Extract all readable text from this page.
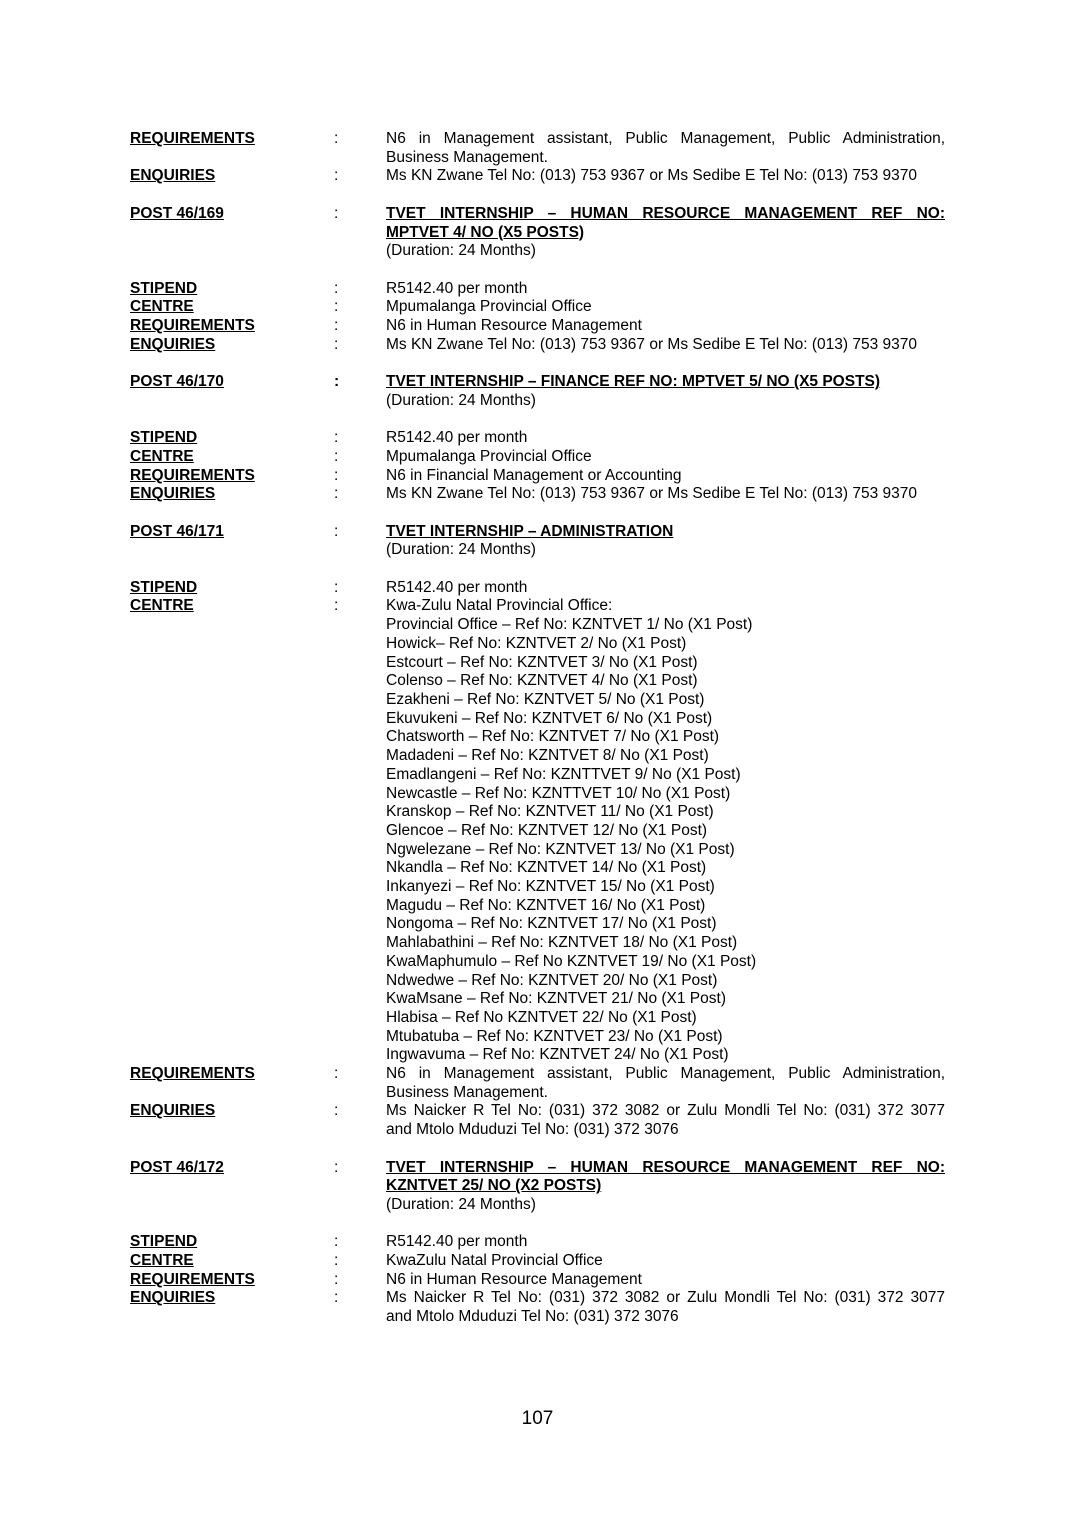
REQUIREMENTS	:	N6 in Management assistant, Public Management, Public Administration,
Business Management.
ENQUIRIES	:	Ms KN Zwane Tel No: (013) 753 9367 or Ms Sedibe E Tel No: (013) 753 9370
POST 46/169	:	TVET INTERNSHIP – HUMAN RESOURCE MANAGEMENT REF NO:
MPTVET 4/ NO (X5 POSTS)
(Duration: 24 Months)
STIPEND	:	R5142.40 per month
CENTRE	:	Mpumalanga Provincial Office
REQUIREMENTS	:	N6 in Human Resource Management
ENQUIRIES	:	Ms KN Zwane Tel No: (013) 753 9367 or Ms Sedibe E Tel No: (013) 753 9370
POST 46/170	:	TVET INTERNSHIP – FINANCE REF NO: MPTVET 5/ NO (X5 POSTS)
(Duration: 24 Months)
STIPEND	:	R5142.40 per month
CENTRE	:	Mpumalanga Provincial Office
REQUIREMENTS	:	N6 in Financial Management or Accounting
ENQUIRIES	:	Ms KN Zwane Tel No: (013) 753 9367 or Ms Sedibe E Tel No: (013) 753 9370
POST 46/171	:	TVET INTERNSHIP – ADMINISTRATION
(Duration: 24 Months)
STIPEND	:	R5142.40 per month
CENTRE	:	Kwa-Zulu Natal Provincial Office:
Provincial Office – Ref No: KZNTVET 1/ No (X1 Post)
Howick– Ref No: KZNTVET 2/ No (X1 Post)
Estcourt – Ref No: KZNTVET 3/ No (X1 Post)
Colenso – Ref No: KZNTVET 4/ No (X1 Post)
Ezakheni – Ref No: KZNTVET 5/ No (X1 Post)
Ekuvukeni – Ref No: KZNTVET 6/ No (X1 Post)
Chatsworth – Ref No: KZNTVET 7/ No (X1 Post)
Madadeni – Ref No: KZNTVET 8/ No (X1 Post)
Emadlangeni – Ref No: KZNTTVET 9/ No (X1 Post)
Newcastle – Ref No: KZNTTVET 10/ No (X1 Post)
Kranskop – Ref No: KZNTVET 11/ No (X1 Post)
Glencoe – Ref No: KZNTVET 12/ No (X1 Post)
Ngwelezane – Ref No: KZNTVET 13/ No (X1 Post)
Nkandla – Ref No: KZNTVET 14/ No (X1 Post)
Inkanyezi – Ref No: KZNTVET 15/ No (X1 Post)
Magudu – Ref No: KZNTVET 16/ No (X1 Post)
Nongoma – Ref No: KZNTVET 17/ No (X1 Post)
Mahlabathini – Ref No: KZNTVET 18/ No (X1 Post)
KwaMaphumulo – Ref No KZNTVET 19/ No (X1 Post)
Ndwedwe – Ref No: KZNTVET 20/ No (X1 Post)
KwaMsane – Ref No: KZNTVET 21/ No (X1 Post)
Hlabisa – Ref No KZNTVET 22/ No (X1 Post)
Mtubatuba – Ref No: KZNTVET 23/ No (X1 Post)
Ingwavuma – Ref No: KZNTVET 24/ No (X1 Post)
REQUIREMENTS	:	N6 in Management assistant, Public Management, Public Administration,
Business Management.
ENQUIRIES	:	Ms Naicker R Tel No: (031) 372 3082 or Zulu Mondli Tel No: (031) 372 3077
and Mtolo Mduduzi Tel No: (031) 372 3076
POST 46/172	:	TVET INTERNSHIP – HUMAN RESOURCE MANAGEMENT REF NO:
KZNTVET 25/ NO (X2 POSTS)
(Duration: 24 Months)
STIPEND	:	R5142.40 per month
CENTRE	:	KwaZulu Natal Provincial Office
REQUIREMENTS	:	N6 in Human Resource Management
ENQUIRIES	:	Ms Naicker R Tel No: (031) 372 3082 or Zulu Mondli Tel No: (031) 372 3077
and Mtolo Mduduzi Tel No: (031) 372 3076
107
